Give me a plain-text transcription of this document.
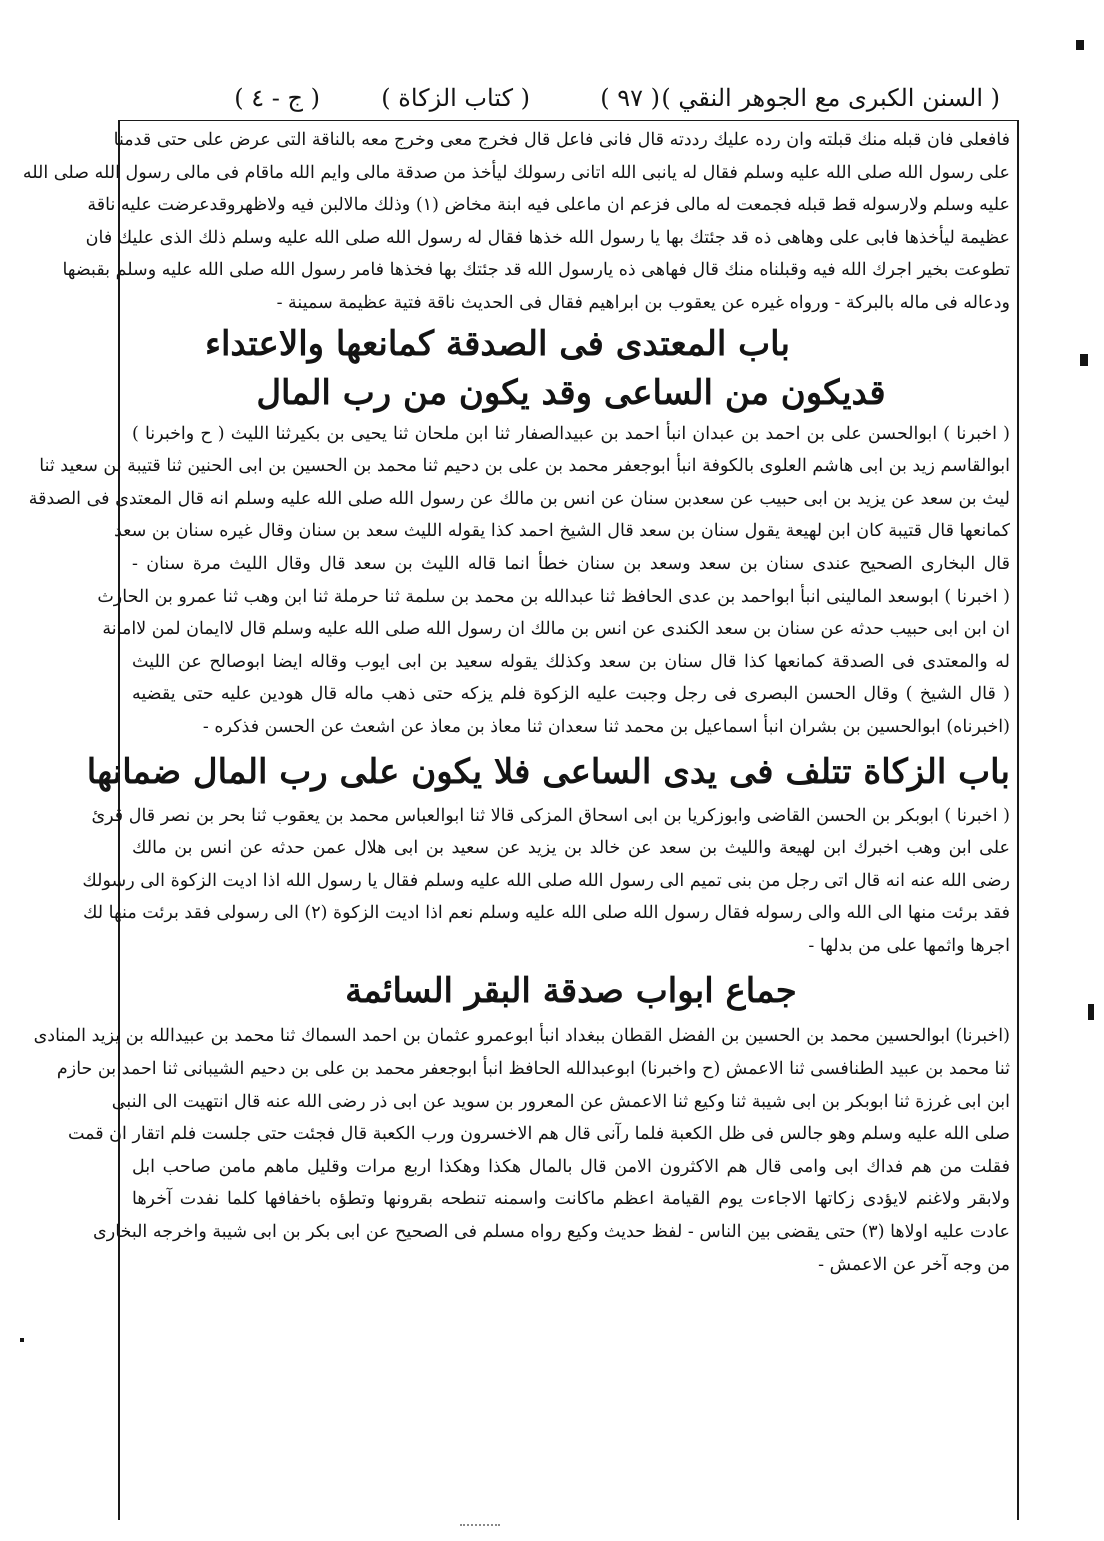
( السنن الكبرى مع الجوهر النقي )
( ٩٧ )
( كتاب الزكاة )
( ج - ٤ )
فافعلى فان قبله منك قبلته وان رده عليك رددته قال فانى فاعل قال فخرج معى وخرج معه بالناقة التى عرض على حتى قدمنا
على رسول الله صلى الله عليه وسلم فقال له يانبى الله اتانى رسولك ليأخذ من صدقة مالى وايم الله ماقام فى مالى رسول الله صلى الله
عليه وسلم ولارسوله قط قبله فجمعت له مالى فزعم ان ماعلى فيه ابنة مخاض (١) وذلك مالالبن فيه ولاظهروقدعرضت عليه ناقة
عظيمة ليأخذها فابى على وهاهى ذه قد جئتك بها يا رسول الله خذها فقال له رسول الله صلى الله عليه وسلم ذلك الذى عليك فان
تطوعت بخير اجرك الله فيه وقبلناه منك قال فهاهى ذه يارسول الله قد جئتك بها فخذها فامر رسول الله صلى الله عليه وسلم بقبضها
ودعاله فى ماله بالبركة - ورواه غيره عن يعقوب بن ابراهيم فقال فى الحديث ناقة فتية عظيمة سمينة -
باب المعتدى فى الصدقة كمانعها والاعتداء
قديكون من الساعى وقد يكون من رب المال
( اخبرنا ) ابوالحسن على بن احمد بن عبدان انبأ احمد بن عبيدالصفار ثنا ابن ملحان ثنا يحيى بن بكيرثنا الليث ( ح واخبرنا )
ابوالقاسم زيد بن ابى هاشم العلوى بالكوفة انبأ ابوجعفر محمد بن على بن دحيم ثنا محمد بن الحسين بن ابى الحنين ثنا قتيبة بن سعيد ثنا
ليث بن سعد عن يزيد بن ابى حبيب عن سعدبن سنان عن انس بن مالك عن رسول الله صلى الله عليه وسلم انه قال المعتدى فى الصدقة
كمانعها قال قتيبة كان ابن لهيعة يقول سنان بن سعد قال الشيخ احمد كذا يقوله الليث سعد بن سنان وقال غيره سنان بن سعد
قال البخارى الصحيح عندى سنان بن سعد وسعد بن سنان خطأ انما قاله الليث بن سعد قال وقال الليث مرة سنان -
( اخبرنا ) ابوسعد المالينى انبأ ابواحمد بن عدى الحافظ ثنا عبدالله بن محمد بن سلمة ثنا حرملة ثنا ابن وهب ثنا عمرو بن الحارث
ان ابن ابى حبيب حدثه عن سنان بن سعد الكندى عن انس بن مالك ان رسول الله صلى الله عليه وسلم قال لاايمان لمن لاامانة
له والمعتدى فى الصدقة كمانعها كذا قال سنان بن سعد وكذلك يقوله سعيد بن ابى ايوب وقاله ايضا ابوصالح عن الليث
( قال الشيخ ) وقال الحسن البصرى فى رجل وجبت عليه الزكوة فلم يزكه حتى ذهب ماله قال هودين عليه حتى يقضيه
(اخبرناه) ابوالحسين بن بشران انبأ اسماعيل بن محمد ثنا سعدان ثنا معاذ بن معاذ عن اشعث عن الحسن فذكره -
باب الزكاة تتلف فى يدى الساعى فلا يكون على رب المال ضمانها
( اخبرنا ) ابوبكر بن الحسن القاضى وابوزكريا بن ابى اسحاق المزكى قالا ثنا ابوالعباس محمد بن يعقوب ثنا بحر بن نصر قال قرئ
على ابن وهب اخبرك ابن لهيعة والليث بن سعد عن خالد بن يزيد عن سعيد بن ابى هلال عمن حدثه عن انس بن مالك
رضى الله عنه انه قال اتى رجل من بنى تميم الى رسول الله صلى الله عليه وسلم فقال يا رسول الله اذا اديت الزكوة الى رسولك
فقد برئت منها الى الله والى رسوله فقال رسول الله صلى الله عليه وسلم نعم اذا اديت الزكوة (٢) الى رسولى فقد برئت منها لك
اجرها واثمها على من بدلها -
جماع ابواب صدقة البقر السائمة
(اخبرنا) ابوالحسين محمد بن الحسين بن الفضل القطان ببغداد انبأ ابوعمرو عثمان بن احمد السماك ثنا محمد بن عبيدالله بن يزيد المنادى
ثنا محمد بن عبيد الطنافسى ثنا الاعمش (ح واخبرنا) ابوعبدالله الحافظ انبأ ابوجعفر محمد بن على بن دحيم الشيبانى ثنا احمد بن حازم
ابن ابى غرزة ثنا ابوبكر بن ابى شيبة ثنا وكيع ثنا الاعمش عن المعرور بن سويد عن ابى ذر رضى الله عنه قال انتهيت الى النبى
صلى الله عليه وسلم وهو جالس فى ظل الكعبة فلما رآنى قال هم الاخسرون ورب الكعبة قال فجئت حتى جلست فلم اتقار ان قمت
فقلت من هم فداك ابى وامى قال هم الاكثرون الامن قال بالمال هكذا وهكذا اربع مرات وقليل ماهم مامن صاحب ابل
ولابقر ولاغنم لايؤدى زكاتها الاجاءت يوم القيامة اعظم ماكانت واسمنه تنطحه بقرونها وتطؤه باخفافها كلما نفدت آخرها
عادت عليه اولاها (٣) حتى يقضى بين الناس - لفظ حديث وكيع رواه مسلم فى الصحيح عن ابى بكر بن ابى شيبة واخرجه البخارى
من وجه آخر عن الاعمش -
